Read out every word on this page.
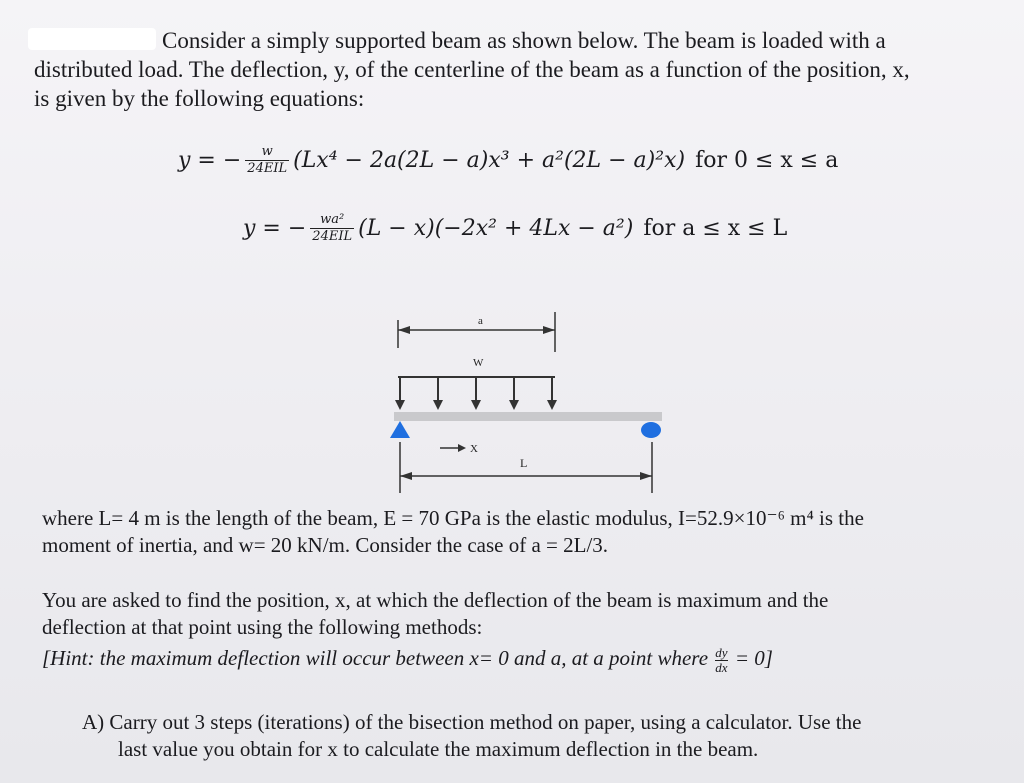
Consider a simply supported beam as shown below. The beam is loaded with a
distributed load. The deflection, y, of the centerline of the beam as a function of the position, x,
is given by the following equations:

y = − $\frac{w}{\text{24EIL}} (Lx^4 - 2a(2L - a)x^3 + a^2(2L - a)^2x)$ for 0 ≤ x ≤ a
y = − $\frac{\text{wa²}}{\text{24EIL}} (L - x)(-2x^2 + 4Lx - a^2)$ for a ≤ x ≤ L
a
W
X
L

where L= 4 m is the length of the beam, E = 70 GPa is the elastic modulus, I=52.9×10⁻⁶ m⁴ is the
moment of inertia, and w= 20 kN/m. Consider the case of a = 2L/3.

You are asked to find the position, x, at which the deflection of the beam is maximum and the
deflection at that point using the following methods:

[Hint: the maximum deflection will occur between x= 0 and a, at a point where $\frac{dy}{dx} = 0$]

A) Carry out 3 steps (iterations) of the bisection method on paper, using a calculator. Use the
last value you obtain for x to calculate the maximum deflection in the beam.
